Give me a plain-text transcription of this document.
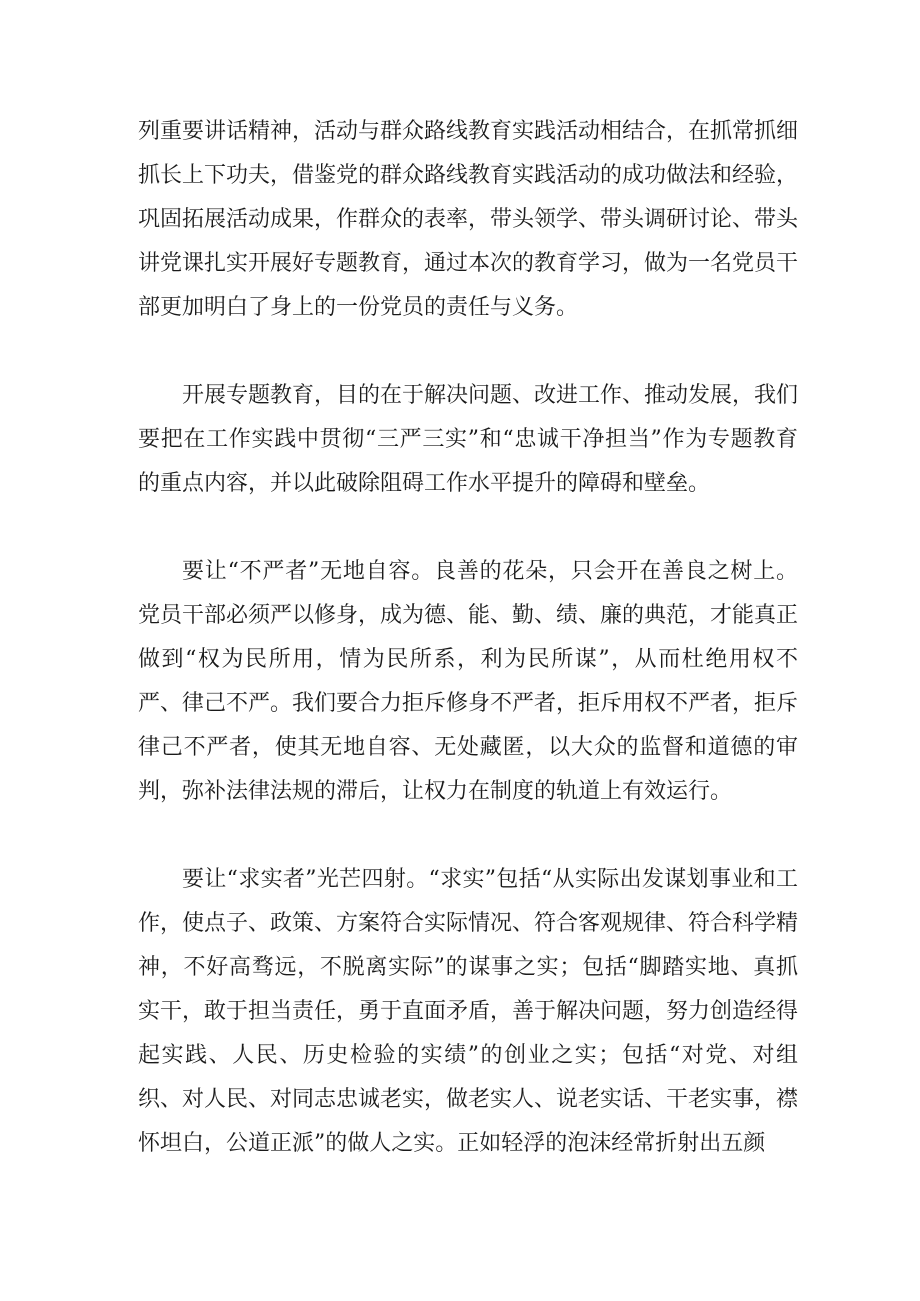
列重要讲话精神，活动与群众路线教育实践活动相结合，在抓常抓细抓长上下功夫，借鉴党的群众路线教育实践活动的成功做法和经验，巩固拓展活动成果，作群众的表率，带头领学、带头调研讨论、带头讲党课扎实开展好专题教育，通过本次的教育学习，做为一名党员干部更加明白了身上的一份党员的责任与义务。

开展专题教育，目的在于解决问题、改进工作、推动发展，我们要把在工作实践中贯彻“三严三实”和“忠诚干净担当”作为专题教育的重点内容，并以此破除阻碍工作水平提升的障碍和壁垒。

要让“不严者”无地自容。良善的花朵，只会开在善良之树上。党员干部必须严以修身，成为德、能、勤、绩、廉的典范，才能真正做到“权为民所用，情为民所系，利为民所谋”，从而杜绝用权不严、律己不严。我们要合力拒斥修身不严者，拒斥用权不严者，拒斥律己不严者，使其无地自容、无处藏匿，以大众的监督和道德的审判，弥补法律法规的滞后，让权力在制度的轨道上有效运行。

要让“求实者”光芒四射。“求实”包括“从实际出发谋划事业和工作，使点子、政策、方案符合实际情况、符合客观规律、符合科学精神，不好高骛远，不脱离实际”的谋事之实；包括“脚踏实地、真抓实干，敢于担当责任，勇于直面矛盾，善于解决问题，努力创造经得起实践、人民、历史检验的实绩”的创业之实；包括“对党、对组织、对人民、对同志忠诚老实，做老实人、说老实话、干老实事，襟怀坦白，公道正派”的做人之实。正如轻浮的泡沫经常折射出五颜
